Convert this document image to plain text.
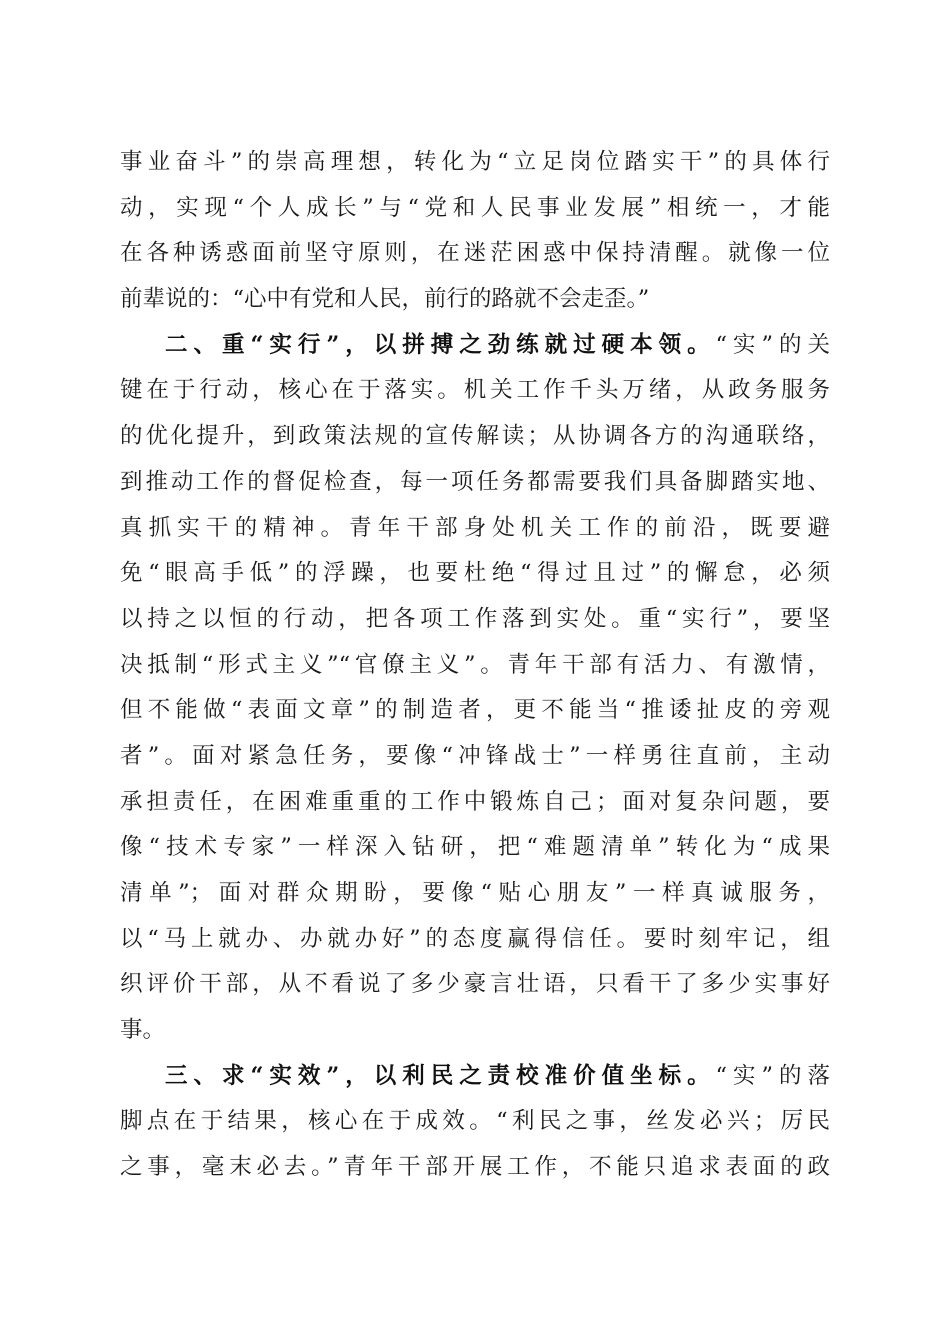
事业奋斗”的崇高理想，转化为“立足岗位踏实干”的具体行
动，实现“个人成长”与“党和人民事业发展”相统一，才能
在各种诱惑面前坚守原则，在迷茫困惑中保持清醒。就像一位
前辈说的：“心中有党和人民，前行的路就不会走歪。”
二、重“实行”，以拼搏之劲练就过硬本领。“实”的关
键在于行动，核心在于落实。机关工作千头万绪，从政务服务
的优化提升，到政策法规的宣传解读；从协调各方的沟通联络，
到推动工作的督促检查，每一项任务都需要我们具备脚踏实地、
真抓实干的精神。青年干部身处机关工作的前沿，既要避
免“眼高手低”的浮躁，也要杜绝“得过且过”的懈怠，必须
以持之以恒的行动，把各项工作落到实处。重“实行”，要坚
决抵制“形式主义”“官僚主义”。青年干部有活力、有激情，
但不能做“表面文章”的制造者，更不能当“推诿扯皮的旁观
者”。面对紧急任务，要像“冲锋战士”一样勇往直前，主动
承担责任，在困难重重的工作中锻炼自己；面对复杂问题，要
像“技术专家”一样深入钻研，把“难题清单”转化为“成果
清单”；面对群众期盼，要像“贴心朋友”一样真诚服务，
以“马上就办、办就办好”的态度赢得信任。要时刻牢记，组
织评价干部，从不看说了多少豪言壮语，只看干了多少实事好
事。
三、求“实效”，以利民之责校准价值坐标。“实”的落
脚点在于结果，核心在于成效。“利民之事，丝发必兴；厉民
之事，毫末必去。”青年干部开展工作，不能只追求表面的政
